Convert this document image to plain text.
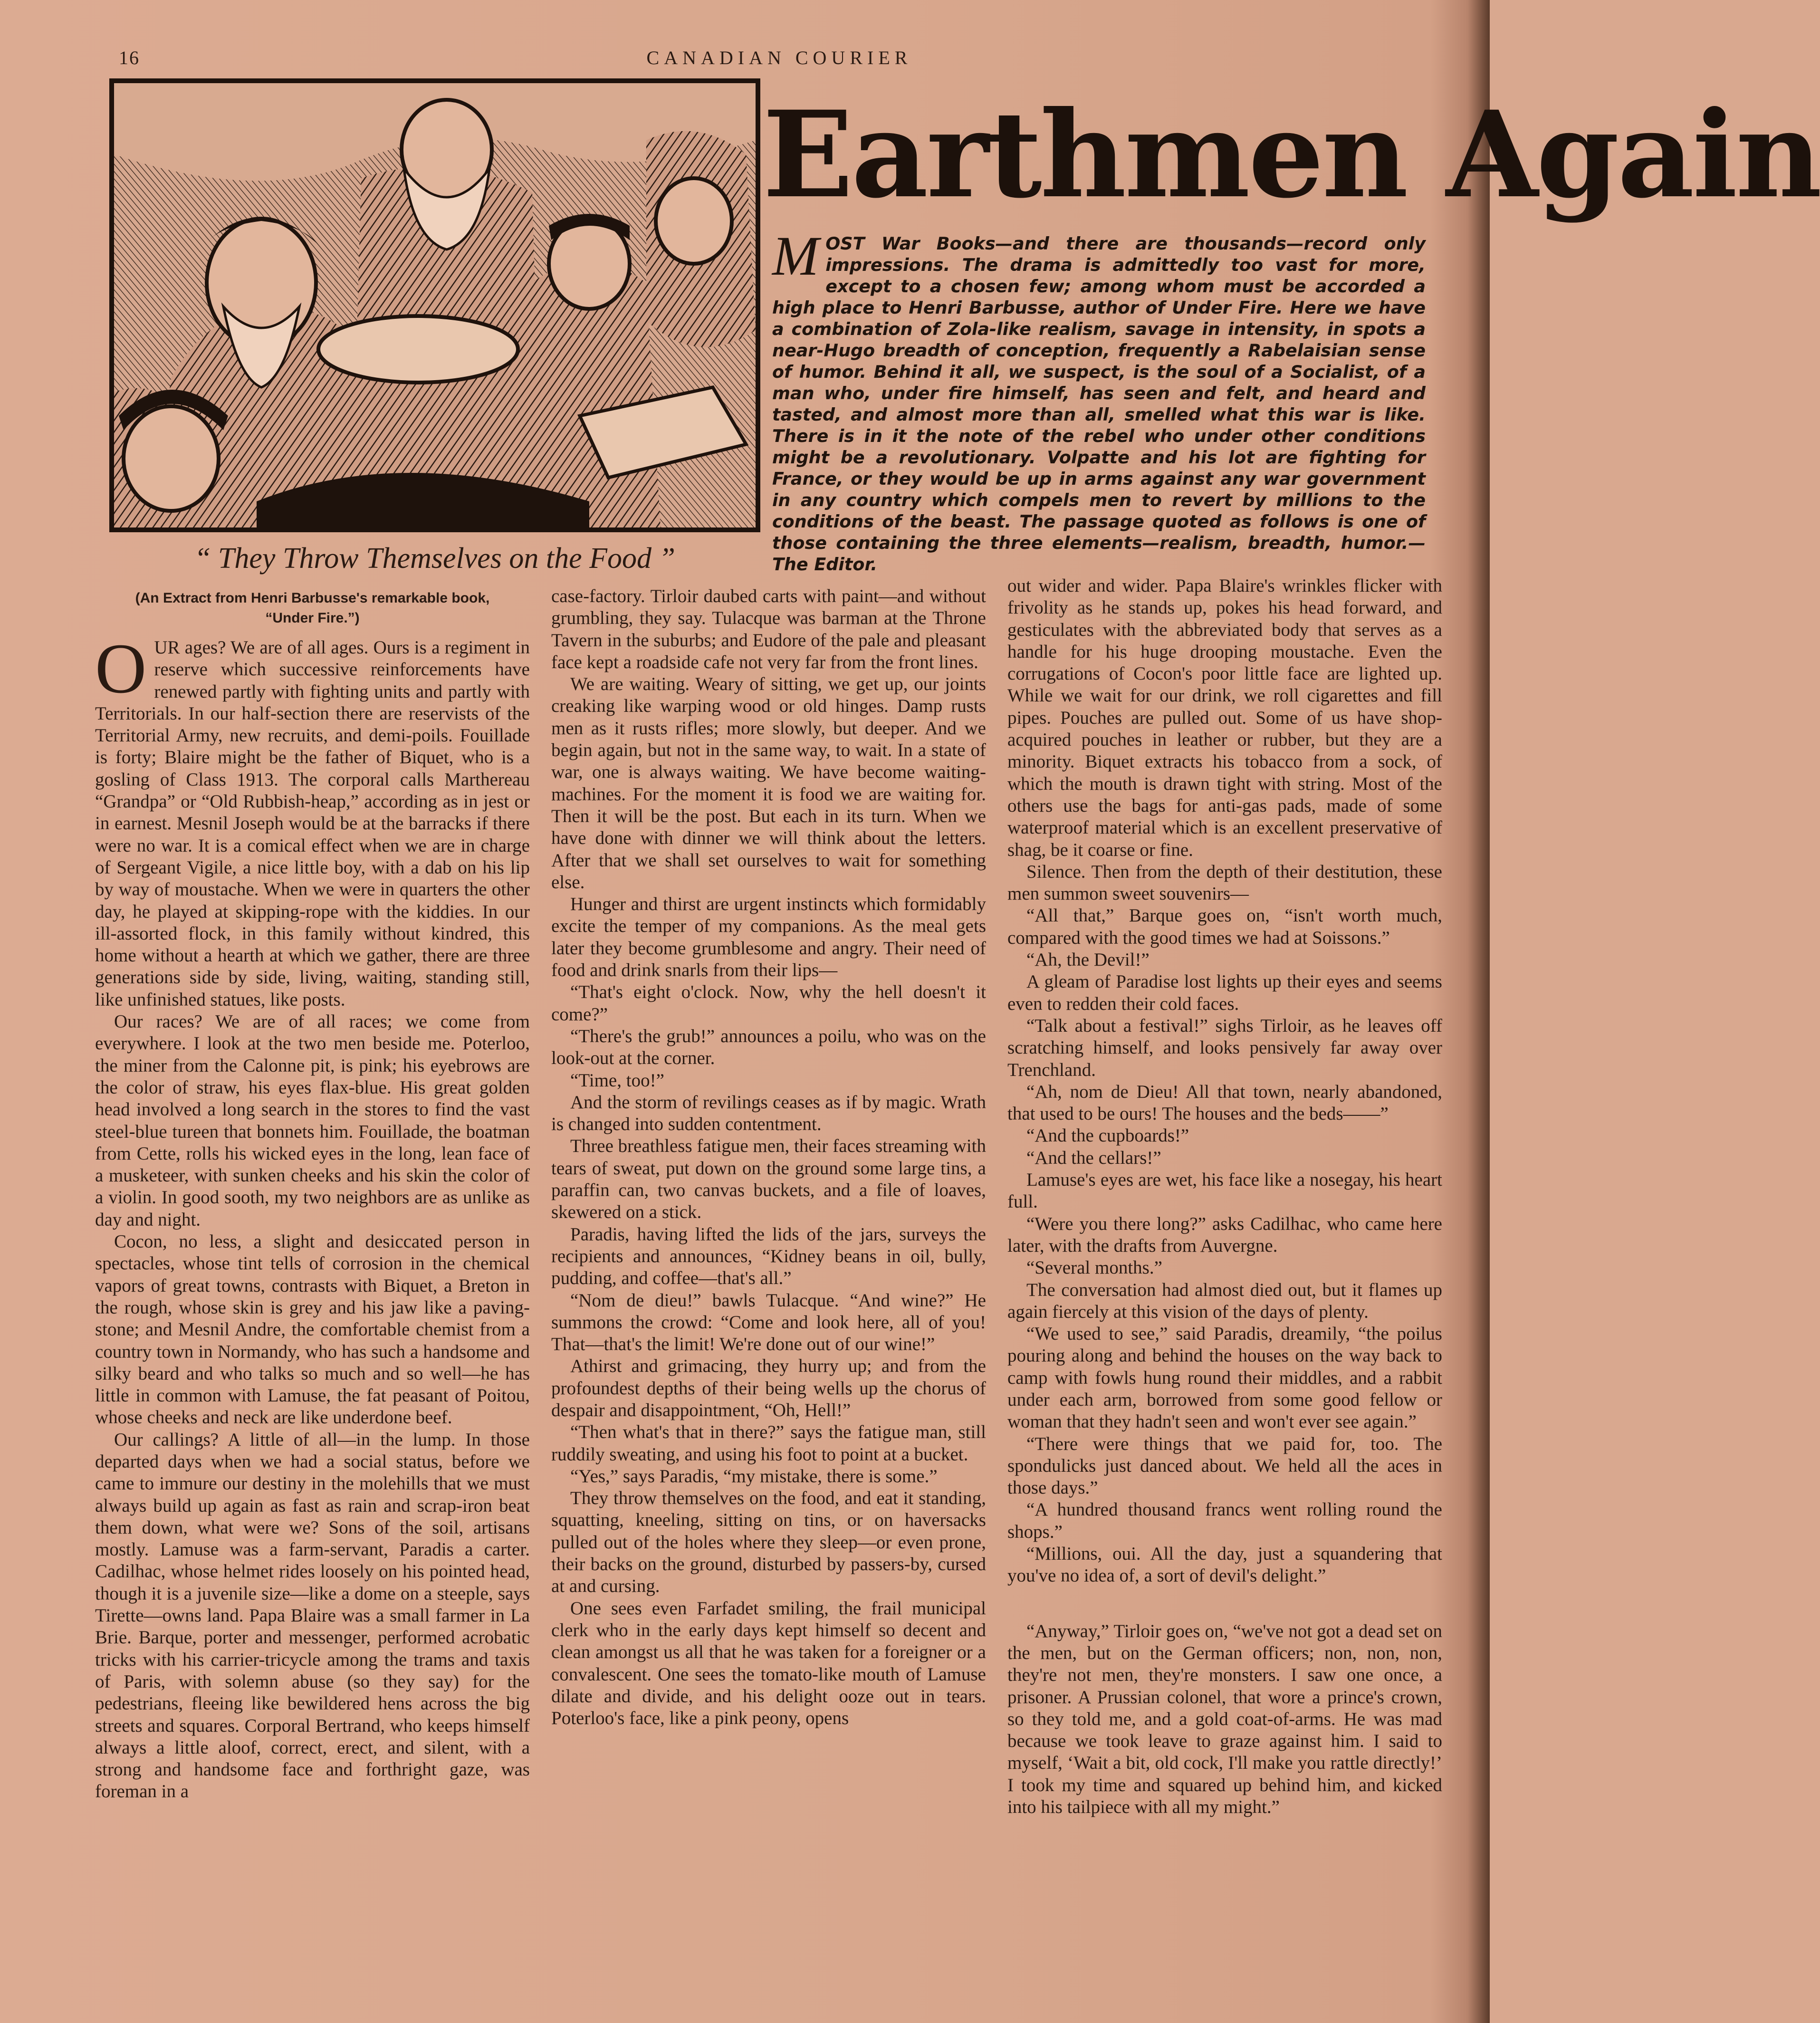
16	CANADIAN COURIER
“ They Throw Themselves on the Food ”
Earthmen Again
MOST War Books—and there are thousands—record only impressions. The drama is admittedly too vast for more, except to a chosen few; among whom must be accorded a high place to Henri Barbusse, author of Under Fire. Here we have a combination of Zola-like realism, savage in intensity, in spots a near-Hugo breadth of conception, frequently a Rabelaisian sense of humor. Behind it all, we suspect, is the soul of a Socialist, of a man who, under fire himself, has seen and felt, and heard and tasted, and almost more than all, smelled what this war is like. There is in it the note of the rebel who under other conditions might be a revolutionary. Volpatte and his lot are fighting for France, or they would be up in arms against any war government in any country which compels men to revert by millions to the conditions of the beast. The passage quoted as follows is one of those containing the three elements—realism, breadth, humor.—The Editor.
(An Extract from Henri Barbusse's remarkable book,
“Under Fire.”)

OUR ages? We are of all ages. Ours is a regiment in reserve which successive reinforcements have renewed partly with fighting units and partly with Territorials. In our half-section there are reservists of the Territorial Army, new recruits, and demi-poils. Fouillade is forty; Blaire might be the father of Biquet, who is a gosling of Class 1913. The corporal calls Marthereau “Grandpa” or “Old Rubbish-heap,” according as in jest or in earnest. Mesnil Joseph would be at the barracks if there were no war. It is a comical effect when we are in charge of Sergeant Vigile, a nice little boy, with a dab on his lip by way of moustache. When we were in quarters the other day, he played at skipping-rope with the kiddies. In our ill-assorted flock, in this family without kindred, this home without a hearth at which we gather, there are three generations side by side, living, waiting, standing still, like unfinished statues, like posts.

Our races? We are of all races; we come from everywhere. I look at the two men beside me. Poterloo, the miner from the Calonne pit, is pink; his eyebrows are the color of straw, his eyes flax-blue. His great golden head involved a long search in the stores to find the vast steel-blue tureen that bonnets him. Fouillade, the boatman from Cette, rolls his wicked eyes in the long, lean face of a musketeer, with sunken cheeks and his skin the color of a violin. In good sooth, my two neighbors are as unlike as day and night.

Cocon, no less, a slight and desiccated person in spectacles, whose tint tells of corrosion in the chemical vapors of great towns, contrasts with Biquet, a Breton in the rough, whose skin is grey and his jaw like a paving-stone; and Mesnil Andre, the comfortable chemist from a country town in Normandy, who has such a handsome and silky beard and who talks so much and so well—he has little in common with Lamuse, the fat peasant of Poitou, whose cheeks and neck are like underdone beef.

Our callings? A little of all—in the lump. In those departed days when we had a social status, before we came to immure our destiny in the molehills that we must always build up again as fast as rain and scrap-iron beat them down, what were we? Sons of the soil, artisans mostly. Lamuse was a farm-servant, Paradis a carter. Cadilhac, whose helmet rides loosely on his pointed head, though it is a juvenile size—like a dome on a steeple, says Tirette—owns land. Papa Blaire was a small farmer in La Brie. Barque, porter and messenger, performed acrobatic tricks with his carrier-tricycle among the trams and taxis of Paris, with solemn abuse (so they say) for the pedestrians, fleeing like bewildered hens across the big streets and squares. Corporal Bertrand, who keeps himself always a little aloof, correct, erect, and silent, with a strong and handsome face and forthright gaze, was foreman in a

case-factory. Tirloir daubed carts with paint—and without grumbling, they say. Tulacque was barman at the Throne Tavern in the suburbs; and Eudore of the pale and pleasant face kept a roadside cafe not very far from the front lines.

We are waiting. Weary of sitting, we get up, our joints creaking like warping wood or old hinges. Damp rusts men as it rusts rifles; more slowly, but deeper. And we begin again, but not in the same way, to wait. In a state of war, one is always waiting. We have become waiting-machines. For the moment it is food we are waiting for. Then it will be the post. But each in its turn. When we have done with dinner we will think about the letters. After that we shall set ourselves to wait for something else.

Hunger and thirst are urgent instincts which formidably excite the temper of my companions. As the meal gets later they become grumblesome and angry. Their need of food and drink snarls from their lips—

“That's eight o'clock. Now, why the hell doesn't it come?”

“There's the grub!” announces a poilu, who was on the look-out at the corner.

“Time, too!”

And the storm of revilings ceases as if by magic. Wrath is changed into sudden contentment.

Three breathless fatigue men, their faces streaming with tears of sweat, put down on the ground some large tins, a paraffin can, two canvas buckets, and a file of loaves, skewered on a stick.

Paradis, having lifted the lids of the jars, surveys the recipients and announces, “Kidney beans in oil, bully, pudding, and coffee—that's all.”

“Nom de dieu!” bawls Tulacque. “And wine?” He summons the crowd: “Come and look here, all of you! That—that's the limit! We're done out of our wine!”

Athirst and grimacing, they hurry up; and from the profoundest depths of their being wells up the chorus of despair and disappointment, “Oh, Hell!”

“Then what's that in there?” says the fatigue man, still ruddily sweating, and using his foot to point at a bucket.

“Yes,” says Paradis, “my mistake, there is some.”

They throw themselves on the food, and eat it standing, squatting, kneeling, sitting on tins, or on haversacks pulled out of the holes where they sleep—or even prone, their backs on the ground, disturbed by passers-by, cursed at and cursing.

One sees even Farfadet smiling, the frail municipal clerk who in the early days kept himself so decent and clean amongst us all that he was taken for a foreigner or a convalescent. One sees the tomato-like mouth of Lamuse dilate and divide, and his delight ooze out in tears. Poterloo's face, like a pink peony, opens

out wider and wider. Papa Blaire's wrinkles flicker with frivolity as he stands up, pokes his head forward, and gesticulates with the abbreviated body that serves as a handle for his huge drooping moustache. Even the corrugations of Cocon's poor little face are lighted up. While we wait for our drink, we roll cigarettes and fill pipes. Pouches are pulled out. Some of us have shop-acquired pouches in leather or rubber, but they are a minority. Biquet extracts his tobacco from a sock, of which the mouth is drawn tight with string. Most of the others use the bags for anti-gas pads, made of some waterproof material which is an excellent preservative of shag, be it coarse or fine.

Silence. Then from the depth of their destitution, these men summon sweet souvenirs—

“All that,” Barque goes on, “isn't worth much, compared with the good times we had at Soissons.”

“Ah, the Devil!”

A gleam of Paradise lost lights up their eyes and seems even to redden their cold faces.

“Talk about a festival!” sighs Tirloir, as he leaves off scratching himself, and looks pensively far away over Trenchland.

“Ah, nom de Dieu! All that town, nearly abandoned, that used to be ours! The houses and the beds——”

“And the cupboards!”

“And the cellars!”

Lamuse's eyes are wet, his face like a nosegay, his heart full.

“Were you there long?” asks Cadilhac, who came here later, with the drafts from Auvergne.

“Several months.”

The conversation had almost died out, but it flames up again fiercely at this vision of the days of plenty.

“We used to see,” said Paradis, dreamily, “the poilus pouring along and behind the houses on the way back to camp with fowls hung round their middles, and a rabbit under each arm, borrowed from some good fellow or woman that they hadn't seen and won't ever see again.”

“There were things that we paid for, too. The spondulicks just danced about. We held all the aces in those days.”

“A hundred thousand francs went rolling round the shops.”

“Millions, oui. All the day, just a squandering that you've no idea of, a sort of devil's delight.”

“Anyway,” Tirloir goes on, “we've not got a dead set on the men, but on the German officers; non, non, non, they're not men, they're monsters. I saw one once, a prisoner. A Prussian colonel, that wore a prince's crown, so they told me, and a gold coat-of-arms. He was mad because we took leave to graze against him. I said to myself, ‘Wait a bit, old cock, I'll make you rattle directly!’ I took my time and squared up behind him, and kicked into his tailpiece with all my might.”
